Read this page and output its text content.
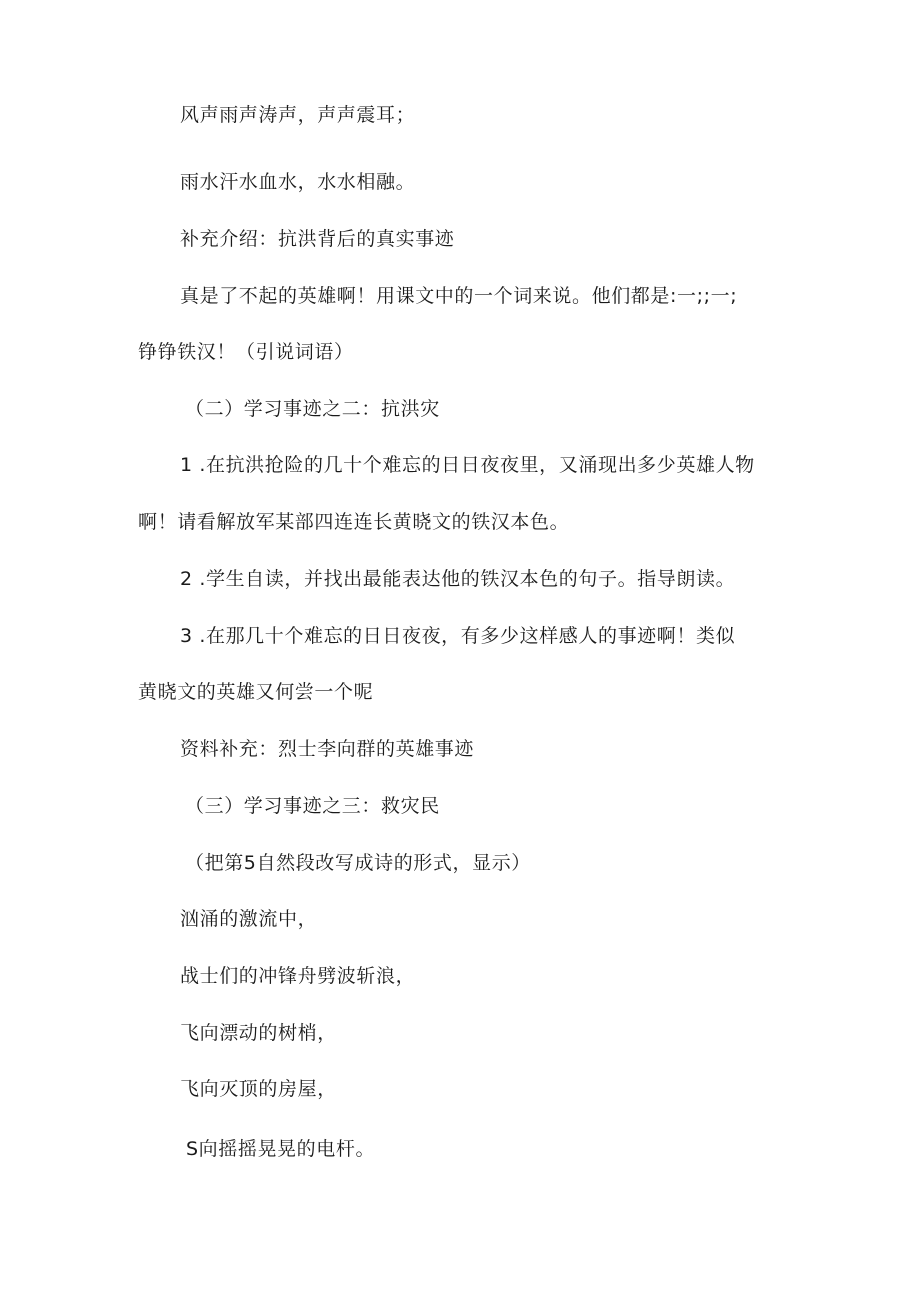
风声雨声涛声，声声震耳；
雨水汗水血水，水水相融。
补充介绍：抗洪背后的真实事迹
真是了不起的英雄啊！用课文中的一个词来说。他们都是:一;;一;
铮铮铁汉！（引说词语）
（二）学习事迹之二：抗洪灾
1 .在抗洪抢险的几十个难忘的日日夜夜里，又涌现出多少英雄人物
啊！请看解放军某部四连连长黄晓文的铁汉本色。
2 .学生自读，并找出最能表达他的铁汉本色的句子。指导朗读。
3 .在那几十个难忘的日日夜夜，有多少这样感人的事迹啊！类似
黄晓文的英雄又何尝一个呢
资料补充：烈士李向群的英雄事迹
（三）学习事迹之三：救灾民
（把第5自然段改写成诗的形式，显示）
汹涌的激流中，
战士们的冲锋舟劈波斩浪，
飞向漂动的树梢，
飞向灭顶的房屋，
S向摇摇晃晃的电杆。
